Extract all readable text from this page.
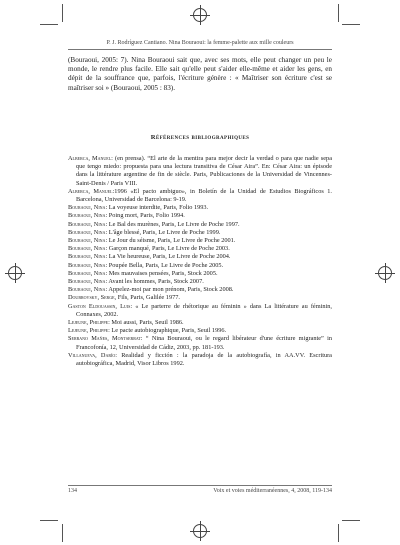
P. J. Rodríguez Cantiano. Nina Bouraoui: la femme-palette aux mille couleurs

(Bouraoui, 2005: 7). Nina Bouraoui sait que, avec ses mots, elle peut changer un peu le monde, le rendre plus facile. Elle sait qu'elle peut s'aider elle-même et aider les gens, en dépit de la souffrance que, parfois, l'écriture génère : « Maîtriser son écriture c'est se maîtriser soi » (Bouraoui, 2005 : 83).

Références bibliographiques
Alberca, Manuel: (en prensa). “El arte de la mentira para mejor decir la verdad o para que nadie sepa que tengo miedo: propuesta para una lectura transitiva de César Aira”. En: César Aira: un épisode dans la littérature argentine de fin de siècle. Paris, Publicaciones de la Universidad de Vincennes-Saint-Denis / Paris VIII.
Alberca, Manuel:1996 «El pacto ambiguo», in Boletín de la Unidad de Estudios Biográficos 1. Barcelona, Universidad de Barcelona: 9-19.
Bouraoui, Nina: La voyeuse interdite, Paris, Folio 1993.
Bouraoui, Nina: Poing mort, Paris, Folio 1994.
Bouraoui, Nina: Le Bal des murènes, Paris, Le Livre de Poche 1997.
Bouraoui, Nina: L'âge blessé, Paris, Le Livre de Poche 1999.
Bouraoui, Nina: Le Jour du séisme, Paris, Le Livre de Poche 2001.
Bouraoui, Nina: Garçon manqué, Paris, Le Livre de Poche 2003.
Bouraoui, Nina: La Vie heureuse, Paris, Le Livre de Poche 2004.
Bouraoui, Nina: Poupée Bella, Paris, Le Livre de Poche 2005.
Bouraoui, Nina: Mes mauvaises pensées, Paris, Stock 2005.
Bouraoui, Nina: Avant les hommes, Paris, Stock 2007.
Bouraoui, Nina: Appelez-moi par mon prénom, Paris, Stock 2008.
Doubrovsky, Serge, Fils, Paris, Galilée 1977.
Gaston Eldouassin, Luis: « Le parterre de rhétorique au féminin » dans La littérature au féminin, Connaxes, 2002.
Lejeune, Philippe: Moi aussi, Paris, Seuil 1986.
Lejeune, Philippe: Le pacte autobiographique, Paris, Seuil 1996.
Serrano Mañes, Montserrat: “ Nina Bouraoui, ou le regard libérateur d'une écriture migrante” in Francofonía, 12, Universidad de Cádiz, 2003, pp. 181-193.
Villanueva, Darío: Realidad y ficción : la paradoja de la autobiografía, in AA.VV. Escritura autobiográfica, Madrid, Visor Libros 1992.
134	Voix et voies méditerranéennes, 4, 2008, 119-134
